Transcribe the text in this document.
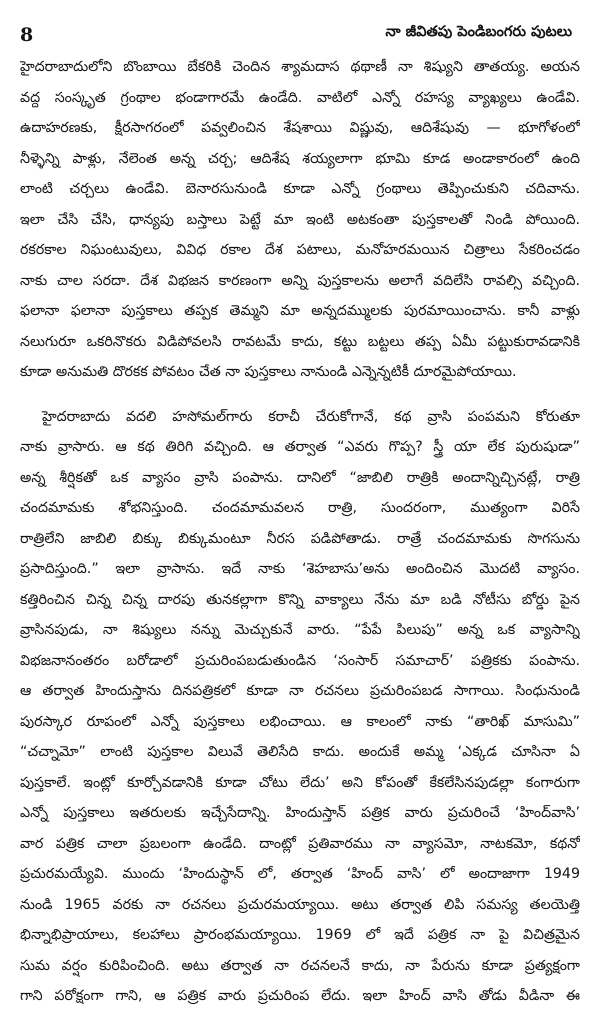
8	నా జీవితపు పెండిబంగరు పుటలు
హైదరాబాదులోని బొంబాయి బేకరికి చెందిన శ్యామదాస థథాణీ నా శిష్యుని తాతయ్య. అయన
వద్ద సంస్కృత గ్రంథాల భండాగారమే ఉండేది. వాటిలో ఎన్నో రహస్య వ్యాఖ్యలు ఉండేవి.
ఉదాహరణకు, క్షీరసాగరంలో పవ్వలించిన శేషశాయి విష్ణువు, ఆదిశేషువు — భూగోళంలో
నీళ్ళెన్ని పాళ్లు, నేలెంత అన్న చర్చ; ఆదిశేష శయ్యలాగా భూమి కూడ అండాకారంలో ఉంది
లాంటి చర్చలు ఉండేవి. బెనారసునుండి కూడా ఎన్నో గ్రంథాలు తెప్పించుకుని చదివాను.
ఇలా చేసి చేసి, ధాన్యపు బస్తాలు పెట్టే మా ఇంటి అటకంతా పుస్తకాలతో నిండి పోయింది.
రకరకాల నిఘంటువులు, వివిధ రకాల దేశ పటాలు, మనోహరమయిన చిత్రాలు సేకరించడం
నాకు చాల సరదా. దేశ విభజన కారణంగా అన్ని పుస్తకాలను అలాగే వదిలేసి రావల్సి వచ్చింది.
ఫలానా ఫలానా పుస్తకాలు తప్పక తెమ్మని మా అన్నదమ్ములకు పురమాయించాను. కానీ వాళ్లు
నలుగురూ ఒకరినొకరు విడిపోవలసి రావటమే కాదు, కట్టు బట్టలు తప్ప ఏమీ పట్టుకురావడానికి
కూడా అనుమతి దొరకక పోవటం చేత నా పుస్తకాలు నానుండి ఎన్నెన్నటికీ దూరమైపోయాయి.
హైదరాబాదు వదలి హసోమల్‌గారు కరాచీ చేరుకోగానే, కథ వ్రాసి పంపమని కోరుతూ
నాకు వ్రాసారు. ఆ కథ తిరిగి వచ్చింది. ఆ తర్వాత “ఎవరు గొప్ప? స్త్రీ యా లేక పురుషుడా”
అన్న శీర్షికతో ఒక వ్యాసం వ్రాసి పంపాను. దానిలో “జాబిలి రాత్రికి అందాన్నిచ్చినట్లే, రాత్రి
చందమామకు శోభనిస్తుంది. చందమామవలన రాత్రి, సుందరంగా, ముత్యంగా విరిసే
రాత్రిలేని జాబిలి బిక్కు బిక్కుమంటూ నీరస పడిపోతాడు. రాత్రే చందమామకు సొగసును
ప్రసాదిస్తుంది.” ఇలా వ్రాసాను. ఇదే నాకు ‘శెహబాసు’అను అందించిన మొదటి వ్యాసం.
కత్తిరించిన చిన్న చిన్న దారపు తునకల్లాగా కొన్ని వాక్యాలు నేను మా బడి నోటీసు బోర్డు పైన
వ్రాసినపుడు, నా శిష్యులు నన్ను మెచ్చుకునే వారు. “పేపే పిలుపు” అన్న ఒక వ్యాసాన్ని
విభజనానంతరం బరోడాలో ప్రచురింపబడుతుండిన ‘సంసార్ సమాచార్’ పత్రికకు పంపాను.
ఆ తర్వాత హిందుస్తాను దినపత్రికలో కూడా నా రచనలు ప్రచురింపబడ సాగాయి. సింధునుండి
పురస్కార రూపంలో ఎన్నో పుస్తకాలు లభించాయి. ఆ కాలంలో నాకు “తారిఖ్ మాసుమి”
“చచ్నామో” లాంటి పుస్తకాల విలువే తెలిసేది కాదు. అందుకే అమ్మ ‘ఎక్కడ చూసినా ఏ
పుస్తకాలే. ఇంట్లో కూర్చోవడానికి కూడా చోటు లేదు’ అని కోపంతో కేకలేసినపుడల్లా కంగారుగా
ఎన్నో పుస్తకాలు ఇతరులకు ఇచ్చేసేదాన్ని. హిందుస్తాన్ పత్రిక వారు ప్రచురించే ‘హింద్‌వాసి’
వార పత్రిక చాలా ప్రబలంగా ఉండేది. దాంట్లో ప్రతివారము నా వ్యాసమో, నాటకమో, కథనో
ప్రచురమయ్యేవి. ముందు ‘హిందుస్థాన్ లో, తర్వాత ‘హింద్ వాసి’ లో అందాజాగా 1949
నుండి 1965 వరకు నా రచనలు ప్రచురమయ్యాయి. అటు తర్వాత లిపి సమస్య తలయెత్తి
భిన్నాభిప్రాయాలు, కలహాలు ప్రారంభమయ్యాయి. 1969 లో ఇదే పత్రిక నా పై విచిత్రమైన
సుమ వర్షం కురిపించింది. అటు తర్వాత నా రచనలనే కాదు, నా పేరును కూడా ప్రత్యక్షంగా
గాని పరోక్షంగా గాని, ఆ పత్రిక వారు ప్రచురింప లేదు. ఇలా హింద్ వాసి తోడు వీడినా ఈ
